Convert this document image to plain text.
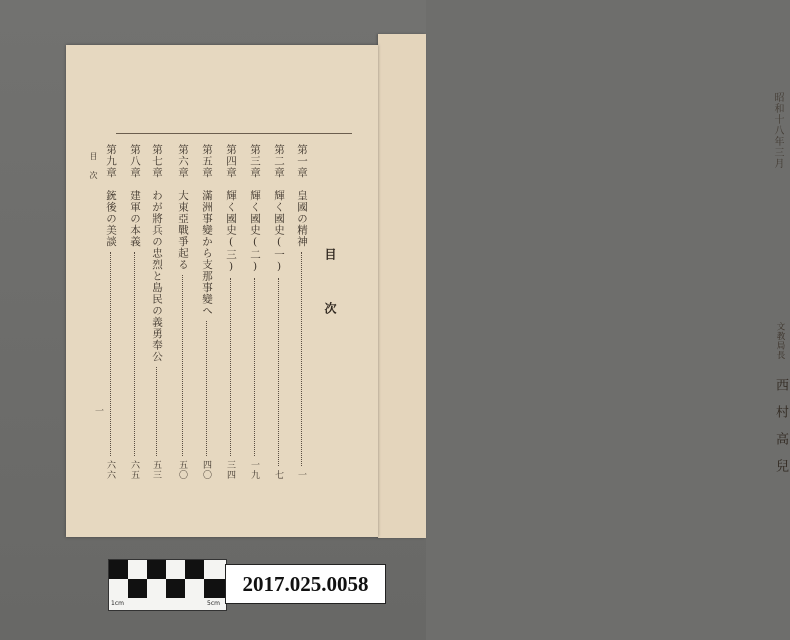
昭和十八年三月
文教局長
西村高兒
目 次
目 次
一
第一章　皇國の精神
一
第二章　輝く國史(一)
七
第三章　輝く國史(二)
一九
第四章　輝く國史(三)
三四
第五章　滿洲事變から支那事變へ
四〇
第六章　大東亞戰爭起る
五〇
第七章　わが將兵の忠烈と島民の義勇奉公
五三
第八章　建軍の本義
六五
第九章　銃後の美談
六六
1cm	5cm
2017.025.0058
